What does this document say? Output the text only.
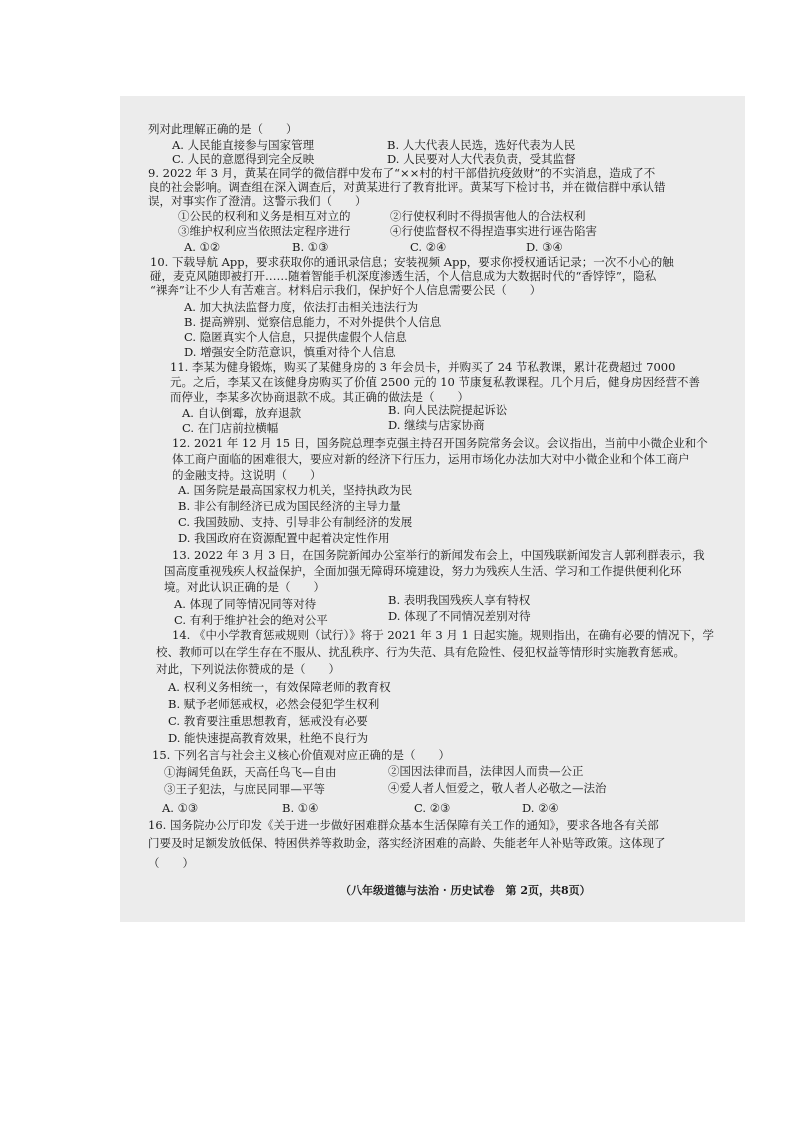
列对此理解正确的是（　　）
A. 人民能直接参与国家管理	B. 人大代表人民选，选好代表为人民
C. 人民的意愿得到完全反映	D. 人民要对人大代表负责，受其监督
9. 2022 年 3 月，黄某在同学的微信群中发布了“××村的村干部借抗疫敛财”的不实消息，造成了不
良的社会影响。调查组在深入调查后，对黄某进行了教育批评。黄某写下检讨书，并在微信群中承认错
误，对事实作了澄清。这警示我们（　　）
①公民的权利和义务是相互对立的	②行使权利时不得损害他人的合法权利
③维护权利应当依照法定程序进行	④行使监督权不得捏造事实进行诬告陷害
A. ①②	B. ①③	C. ②④	D. ③④
10. 下载导航 App，要求获取你的通讯录信息；安装视频 App，要求你授权通话记录；一次不小心的触
碰，麦克风随即被打开……随着智能手机深度渗透生活，个人信息成为大数据时代的“香饽饽”，隐私
“裸奔”让不少人有苦难言。材料启示我们，保护好个人信息需要公民（　　）
A. 加大执法监督力度，依法打击相关违法行为
B. 提高辨别、觉察信息能力，不对外提供个人信息
C. 隐匿真实个人信息，只提供虚假个人信息
D. 增强安全防范意识，慎重对待个人信息
11. 李某为健身锻炼，购买了某健身房的 3 年会员卡，并购买了 24 节私教课，累计花费超过 7000
元。之后，李某又在该健身房购买了价值 2500 元的 10 节康复私教课程。几个月后，健身房因经营不善
而停业，李某多次协商退款不成。其正确的做法是（　　）
A. 自认倒霉，放弃退款	B. 向人民法院提起诉讼
C. 在门店前拉横幅	D. 继续与店家协商
12. 2021 年 12 月 15 日，国务院总理李克强主持召开国务院常务会议。会议指出，当前中小微企业和个
体工商户面临的困难很大，要应对新的经济下行压力，运用市场化办法加大对中小微企业和个体工商户
的金融支持。这说明（　　）
A. 国务院是最高国家权力机关，坚持执政为民
B. 非公有制经济已成为国民经济的主导力量
C. 我国鼓励、支持、引导非公有制经济的发展
D. 我国政府在资源配置中起着决定性作用
13. 2022 年 3 月 3 日，在国务院新闻办公室举行的新闻发布会上，中国残联新闻发言人郭利群表示，我
国高度重视残疾人权益保护，全面加强无障碍环境建设，努力为残疾人生活、学习和工作提供便利化环
境。对此认识正确的是（　　）
A. 体现了同等情况同等对待	B. 表明我国残疾人享有特权
C. 有利于维护社会的绝对公平	D. 体现了不同情况差别对待
14. 《中小学教育惩戒规则（试行）》将于 2021 年 3 月 1 日起实施。规则指出，在确有必要的情况下，学
校、教师可以在学生存在不服从、扰乱秩序、行为失范、具有危险性、侵犯权益等情形时实施教育惩戒。
对此，下列说法你赞成的是（　　）
A. 权利义务相统一，有效保障老师的教育权
B. 赋予老师惩戒权，必然会侵犯学生权利
C. 教育要注重思想教育，惩戒没有必要
D. 能快速提高教育效果，杜绝不良行为
15. 下列名言与社会主义核心价值观对应正确的是（　　）
①海阔凭鱼跃，天高任鸟飞—自由	②国因法律而昌，法律因人而贵—公正
③王子犯法，与庶民同罪—平等	④爱人者人恒爱之，敬人者人必敬之—法治
A. ①③	B. ①④	C. ②③	D. ②④
16. 国务院办公厅印发《关于进一步做好困难群众基本生活保障有关工作的通知》，要求各地各有关部
门要及时足额发放低保、特困供养等救助金，落实经济困难的高龄、失能老年人补贴等政策。这体现了
（　　）
（八年级道德与法治 · 历史试卷　第 2页，共8页）
